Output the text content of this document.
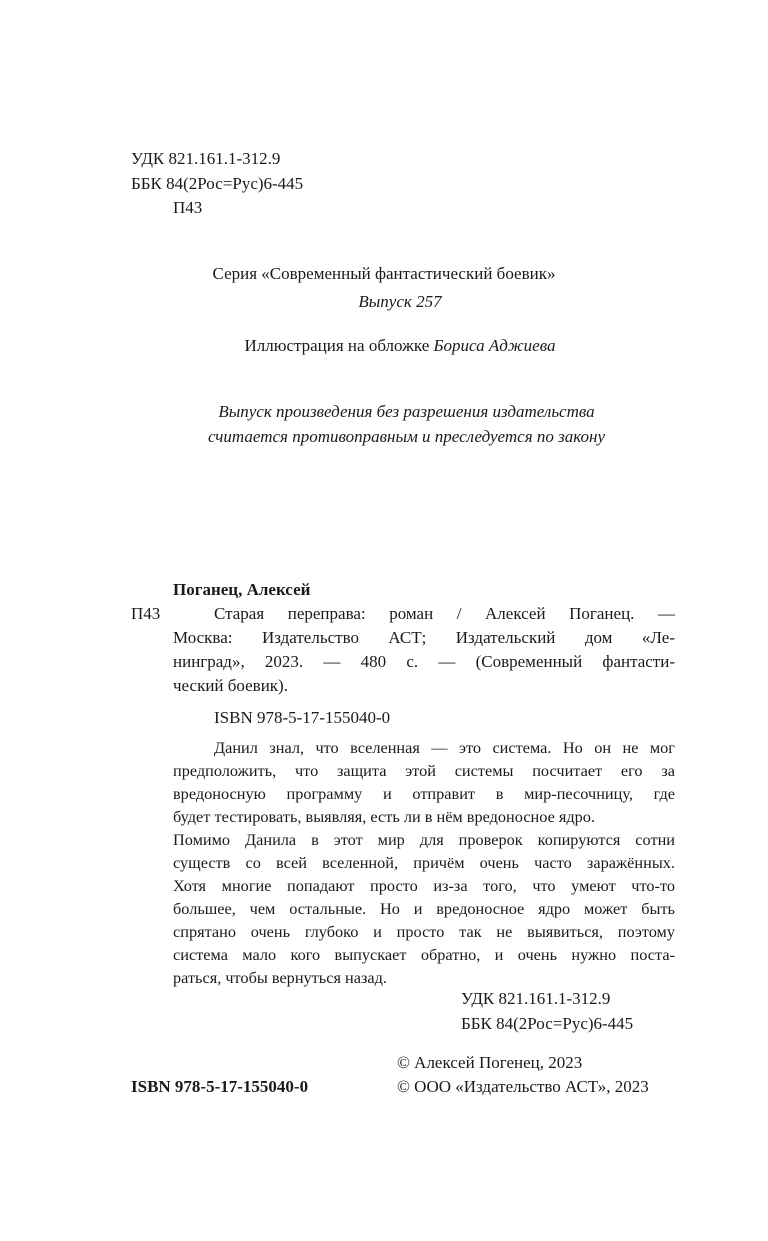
УДК 821.161.1-312.9
ББК 84(2Рос=Рус)6-445
П43
Серия «Современный фантастический боевик»
Выпуск 257
Иллюстрация на обложке Бориса Аджиева
Выпуск произведения без разрешения издательства
считается противоправным и преследуется по закону
Поганец, Алексей
П43	Старая переправа: роман / Алексей Поганец. —
Москва: Издательство АСТ; Издательский дом «Ле-
нинград», 2023. — 480 с. — (Современный фантасти-
ческий боевик).
ISBN 978-5-17-155040-0
Данил знал, что вселенная — это система. Но он не мог
предположить, что защита этой системы посчитает его за
вредоносную программу и отправит в мир-песочницу, где
будет тестировать, выявляя, есть ли в нём вредоносное ядро.
Помимо Данила в этот мир для проверок копируются сотни
существ со всей вселенной, причём очень часто заражённых.
Хотя многие попадают просто из-за того, что умеют что-то
большее, чем остальные. Но и вредоносное ядро может быть
спрятано очень глубоко и просто так не выявиться, поэтому
система мало кого выпускает обратно, и очень нужно поста-
раться, чтобы вернуться назад.
УДК 821.161.1-312.9
ББК 84(2Рос=Рус)6-445
© Алексей Погенец, 2023
© ООО «Издательство АСТ», 2023
ISBN 978-5-17-155040-0
